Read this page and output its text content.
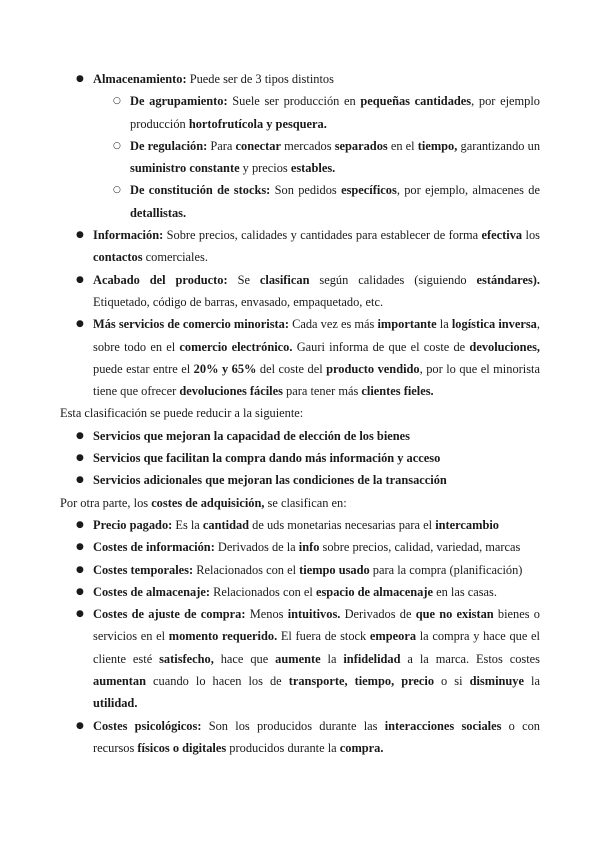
● Almacenamiento: Puede ser de 3 tipos distintos
○ De agrupamiento: Suele ser producción en pequeñas cantidades, por ejemplo producción hortofrutícola y pesquera.
○ De regulación: Para conectar mercados separados en el tiempo, garantizando un suministro constante y precios estables.
○ De constitución de stocks: Son pedidos específicos, por ejemplo, almacenes de detallistas.
● Información: Sobre precios, calidades y cantidades para establecer de forma efectiva los contactos comerciales.
● Acabado del producto: Se clasifican según calidades (siguiendo estándares). Etiquetado, código de barras, envasado, empaquetado, etc.
● Más servicios de comercio minorista: Cada vez es más importante la logística inversa, sobre todo en el comercio electrónico. Gauri informa de que el coste de devoluciones, puede estar entre el 20% y 65% del coste del producto vendido, por lo que el minorista tiene que ofrecer devoluciones fáciles para tener más clientes fieles.

Esta clasificación se puede reducir a la siguiente:

● Servicios que mejoran la capacidad de elección de los bienes
● Servicios que facilitan la compra dando más información y acceso
● Servicios adicionales que mejoran las condiciones de la transacción

Por otra parte, los costes de adquisición, se clasifican en:

● Precio pagado: Es la cantidad de uds monetarias necesarias para el intercambio
● Costes de información: Derivados de la info sobre precios, calidad, variedad, marcas
● Costes temporales: Relacionados con el tiempo usado para la compra (planificación)
● Costes de almacenaje: Relacionados con el espacio de almacenaje en las casas.
● Costes de ajuste de compra: Menos intuitivos. Derivados de que no existan bienes o servicios en el momento requerido. El fuera de stock empeora la compra y hace que el cliente esté satisfecho, hace que aumente la infidelidad a la marca. Estos costes aumentan cuando lo hacen los de transporte, tiempo, precio o si disminuye la utilidad.
● Costes psicológicos: Son los producidos durante las interacciones sociales o con recursos físicos o digitales producidos durante la compra.
